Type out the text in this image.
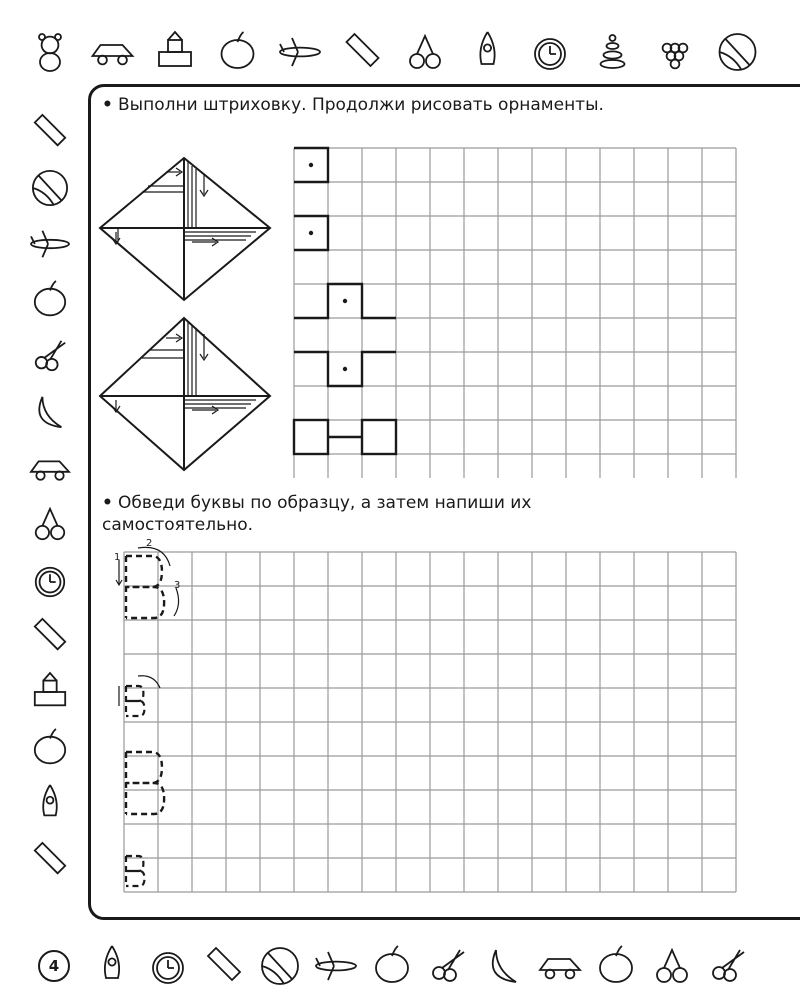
• Выполни штриховку. Продолжи рисовать орнаменты.

• Обведи буквы по образцу, а затем напиши их самостоятельно.

1
2
3
4
